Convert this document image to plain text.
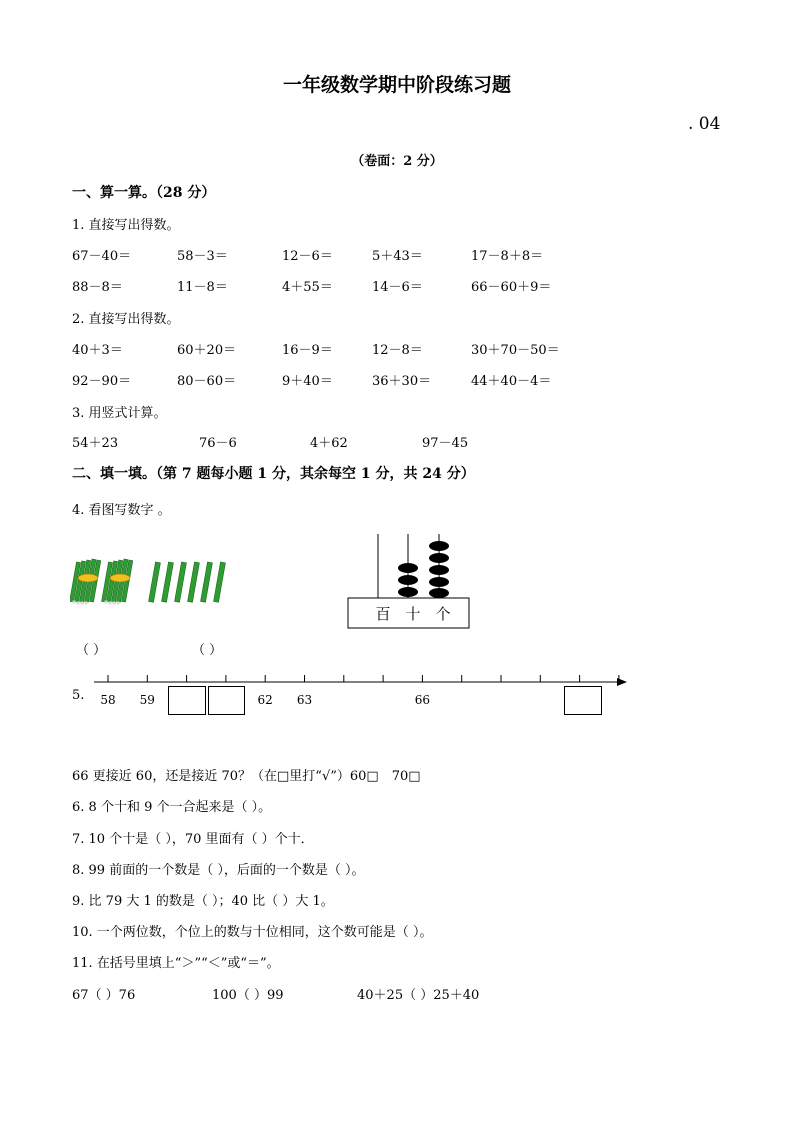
一年级数学期中阶段练习题
. 04
（卷面：2 分）
一、算一算。（28 分）
1. 直接写出得数。
67－40＝	58－3＝	12－6＝	5＋43＝	17－8＋8＝
88－8＝	11－8＝	4＋55＝	14－6＝	66－60＋9＝
2. 直接写出得数。
40＋3＝	60＋20＝	16－9＝	12－8＝	30＋70－50＝
92－90＝	80－60＝	9＋40＝	36＋30＝	44＋40－4＝
3. 用竖式计算。
54＋23	76－6	4＋62	97－45
二、填一填。（第 7 题每小题 1 分，其余每空 1 分，共 24 分）
4. 看图写数字 。
百 十 个
（ ）	（ ）
5. 58 59	62 63	66
66 更接近 60，还是接近 70？（在□里打“√”）60□　70□
6. 8 个十和 9 个一合起来是（ ）。
7. 10 个十是（ ），70 里面有（ ）个十．
8. 99 前面的一个数是（ ），后面的一个数是（ ）。
9. 比 79 大 1 的数是（ ）；40 比（ ）大 1。
10. 一个两位数，个位上的数与十位相同，这个数可能是（ ）。
11. 在括号里填上“＞”“＜”或“＝”。
67（ ）76	100（ ）99	40＋25（ ）25＋40
